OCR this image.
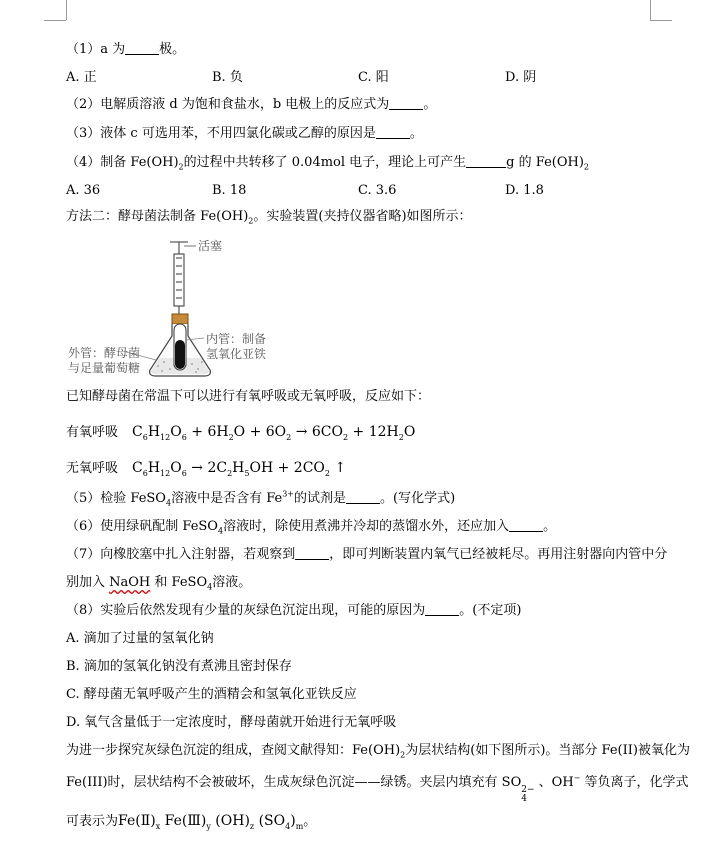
（1）a 为	极。
A. 正	B. 负	C. 阳	D. 阴
（2）电解质溶液 d 为饱和食盐水，b 电极上的反应式为	。
（3）液体 c 可选用苯，不用四氯化碳或乙醇的原因是	。
（4）制备 $Fe(OH)_2$的过程中共转移了 0.04mol 电子，理论上可产生	g 的 $Fe(OH)_2$
A. 36	B. 18	C. 3.6	D. 1.8
方法二：酵母菌法制备 $Fe(OH)_2$。实验装置(夹持仪器省略)如图所示：
活塞
外管：酵母菌
与足量葡萄糖
内管：制备
氢氧化亚铁
已知酵母菌在常温下可以进行有氧呼吸或无氧呼吸，反应如下：
有氧呼吸 $C_6H_{12}O_6 + 6H_2O + 6O_2 \to 6CO_2 + 12H_2O$
无氧呼吸 $C_6H_{12}O_6 \to 2C_2H_5OH + 2CO_2$ ↑
（5）检验 FeSO$_4$溶液中是否含有 $Fe^{3+}$的试剂是	。(写化学式)
（6）使用绿矾配制 FeSO$_4$溶液时，除使用煮沸并冷却的蒸馏水外，还应加入	。
（7）向橡胶塞中扎入注射器，若观察到	，即可判断装置内氧气已经被耗尽。再用注射器向内管中分
别加入 NaOH 和 FeSO$_4$溶液。
（8）实验后依然发现有少量的灰绿色沉淀出现，可能的原因为	。(不定项)
A. 滴加了过量的氢氧化钠
B. 滴加的氢氧化钠没有煮沸且密封保存
C. 酵母菌无氧呼吸产生的酒精会和氢氧化亚铁反应
D. 氧气含量低于一定浓度时，酵母菌就开始进行无氧呼吸
为进一步探究灰绿色沉淀的组成，查阅文献得知：$Fe(OH)_2$为层状结构(如下图所示)。当部分 Fe(II)被氧化为
Fe(III)时，层状结构不会被破坏，生成灰绿色沉淀——绿锈。夹层内填充有 SO 2−
4
、OH− 等负离子，化学式
可表示为$Fe(Ⅱ)_x$ $Fe(Ⅲ)_y$ $(OH)_z$ $(SO_4)_m$。
